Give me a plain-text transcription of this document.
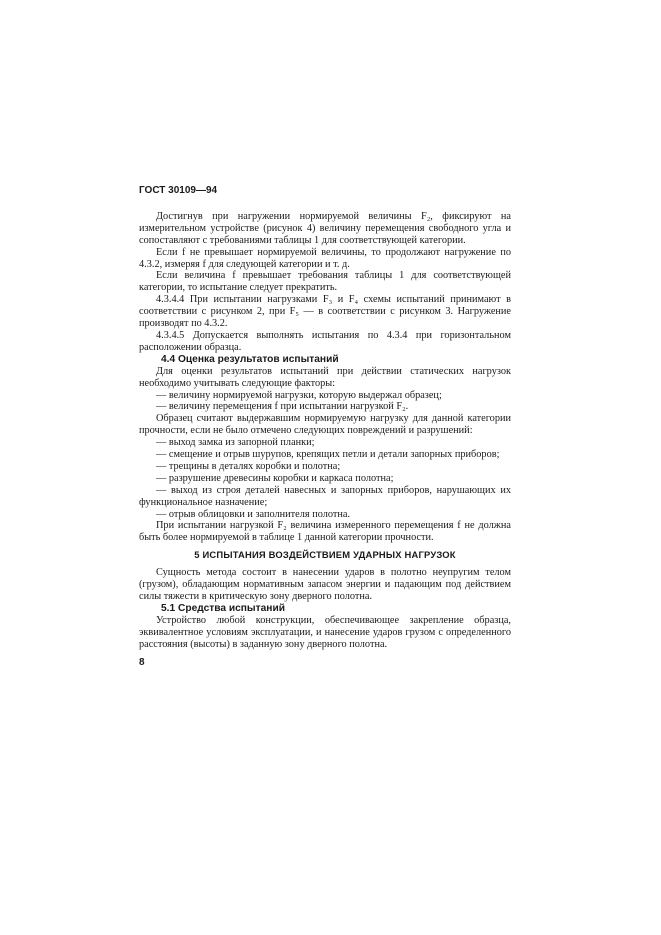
ГОСТ 30109—94

Достигнув при нагружении нормируемой величины F₂, фиксируют на измерительном устройстве (рисунок 4) величину перемещения свободного угла и сопоставляют с требованиями таблицы 1 для соответствующей категории.

Если f не превышает нормируемой величины, то продолжают нагружение по 4.3.2, измеряя f для следующей категории и т. д.

Если величина f превышает требования таблицы 1 для соответствующей категории, то испытание следует прекратить.

4.3.4.4 При испытании нагрузками F₃ и F₄ схемы испытаний принимают в соответствии с рисунком 2, при F₅ — в соответствии с рисунком 3. Нагружение производят по 4.3.2.

4.3.4.5 Допускается выполнять испытания по 4.3.4 при горизонтальном расположении образца.

4.4 Оценка результатов испытаний

Для оценки результатов испытаний при действии статических нагрузок необходимо учитывать следующие факторы:

— величину нормируемой нагрузки, которую выдержал образец;

— величину перемещения f при испытании нагрузкой F₂.

Образец считают выдержавшим нормируемую нагрузку для данной категории прочности, если не было отмечено следующих повреждений и разрушений:

— выход замка из запорной планки;

— смещение и отрыв шурупов, крепящих петли и детали запорных приборов;

— трещины в деталях коробки и полотна;

— разрушение древесины коробки и каркаса полотна;

— выход из строя деталей навесных и запорных приборов, нарушающих их функциональное назначение;

— отрыв облицовки и заполнителя полотна.

При испытании нагрузкой F₂ величина измеренного перемещения f не должна быть более нормируемой в таблице 1 данной категории прочности.

5 ИСПЫТАНИЯ ВОЗДЕЙСТВИЕМ УДАРНЫХ НАГРУЗОК

Сущность метода состоит в нанесении ударов в полотно неупругим телом (грузом), обладающим нормативным запасом энергии и падающим под действием силы тяжести в критическую зону дверного полотна.

5.1 Средства испытаний

Устройство любой конструкции, обеспечивающее закрепление образца, эквивалентное условиям эксплуатации, и нанесение ударов грузом с определенного расстояния (высоты) в заданную зону дверного полотна.

8
